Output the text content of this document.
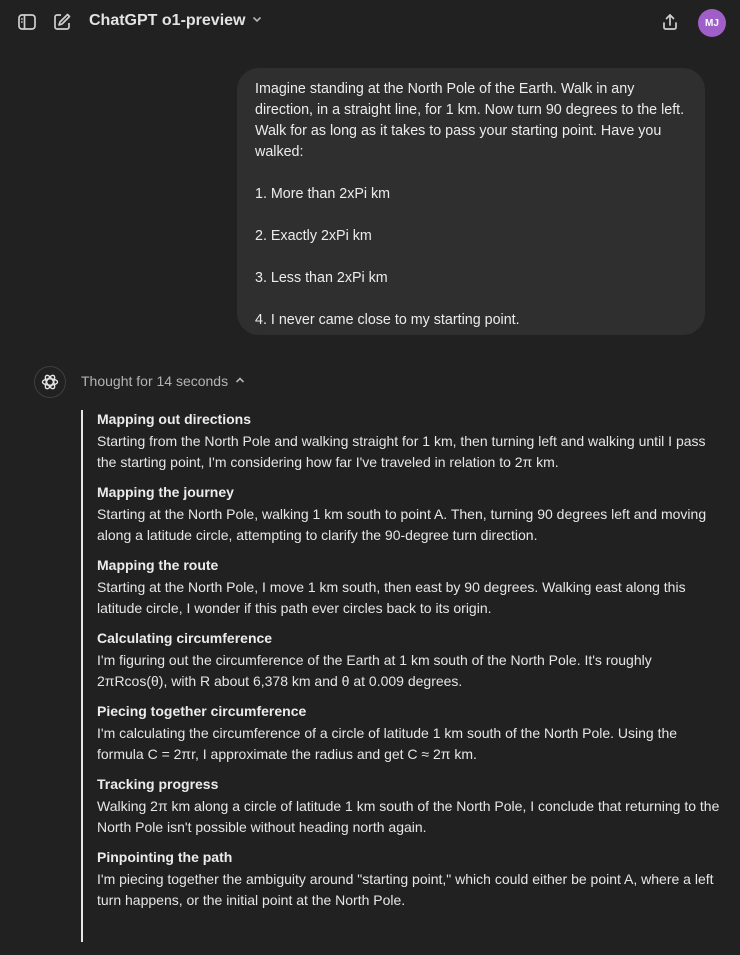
ChatGPT o1-preview	MJ

Imagine standing at the North Pole of the Earth. Walk in any direction, in a straight line, for 1 km. Now turn 90 degrees to the left. Walk for as long as it takes to pass your starting point. Have you walked:

1. More than 2xPi km

2. Exactly 2xPi km

3. Less than 2xPi km

4. I never came close to my starting point.

Thought for 14 seconds
Mapping out directions
Starting from the North Pole and walking straight for 1 km, then turning left and walking until I pass the starting point, I'm considering how far I've traveled in relation to 2π km.
Mapping the journey
Starting at the North Pole, walking 1 km south to point A. Then, turning 90 degrees left and moving along a latitude circle, attempting to clarify the 90-degree turn direction.
Mapping the route
Starting at the North Pole, I move 1 km south, then east by 90 degrees. Walking east along this latitude circle, I wonder if this path ever circles back to its origin.
Calculating circumference
I'm figuring out the circumference of the Earth at 1 km south of the North Pole. It's roughly 2πRcos(θ), with R about 6,378 km and θ at 0.009 degrees.
Piecing together circumference
I'm calculating the circumference of a circle of latitude 1 km south of the North Pole. Using the formula C = 2πr, I approximate the radius and get C ≈ 2π km.
Tracking progress
Walking 2π km along a circle of latitude 1 km south of the North Pole, I conclude that returning to the North Pole isn't possible without heading north again.
Pinpointing the path
I'm piecing together the ambiguity around "starting point," which could either be point A, where a left turn happens, or the initial point at the North Pole.
